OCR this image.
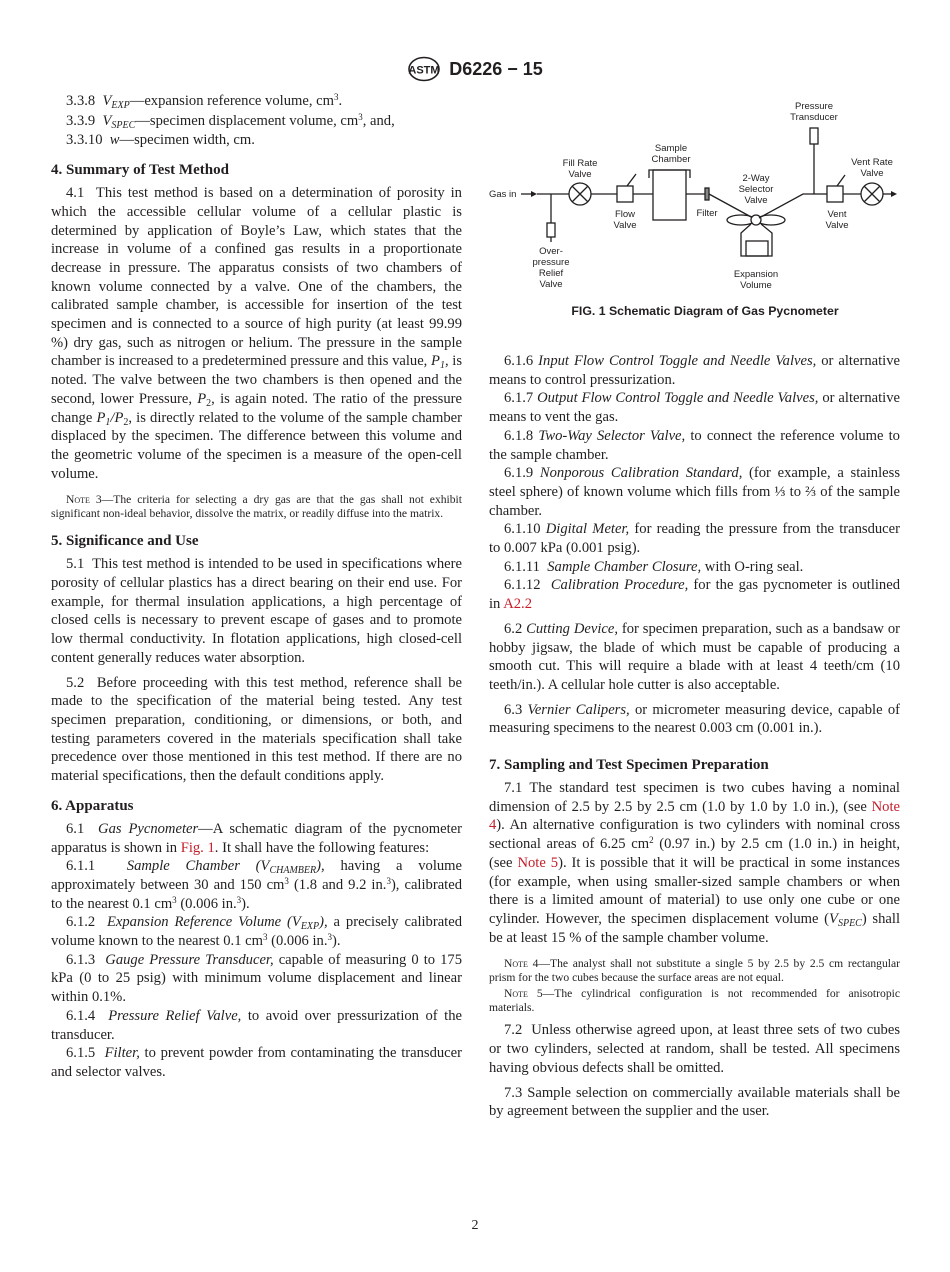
ASTM D6226 − 15

3.3.8 $V_{EXP}—expansion$ reference volume, $cm^3$.

3.3.9 $V_{SPEC}—specimen$ displacement volume, $cm^3$, and,

3.3.10 w—specimen width, cm.

4. Summary of Test Method

4.1 This test method is based on a determination of porosity in which the accessible cellular volume of a cellular plastic is determined by application of Boyle’s Law, which states that the increase in volume of a confined gas results in a proportionate decrease in pressure. The apparatus consists of two chambers of known volume connected by a valve. One of the chambers, the calibrated sample chamber, is accessible for insertion of the test specimen and is connected to a source of high purity (at least 99.99 %) dry gas, such as nitrogen or helium. The pressure in the sample chamber is increased to a predetermined pressure and this value, $P_1$, is noted. The valve between the two chambers is then opened and the second, lower Pressure, $P_2$, is again noted. The ratio of the pressure change $P_1/P_2$, is directly related to the volume of the sample chamber displaced by the specimen. The difference between this volume and the geometric volume of the specimen is a measure of the open-cell volume.

Note 3—The criteria for selecting a dry gas are that the gas shall not exhibit significant non-ideal behavior, dissolve the matrix, or readily diffuse into the matrix.

5. Significance and Use

5.1 This test method is intended to be used in specifications where porosity of cellular plastics has a direct bearing on their end use. For example, for thermal insulation applications, a high percentage of closed cells is necessary to prevent escape of gases and to promote low thermal conductivity. In flotation applications, high closed-cell content generally reduces water absorption.

5.2 Before proceeding with this test method, reference shall be made to the specification of the material being tested. Any test specimen preparation, conditioning, or dimensions, or both, and testing parameters covered in the materials specification shall take precedence over those mentioned in this test method. If there are no material specifications, then the default conditions apply.

6. Apparatus

6.1 Gas Pycnometer—A schematic diagram of the pycnometer apparatus is shown in Fig. 1. It shall have the following features:

6.1.1 Sample Chamber $(V_{CHAMBER})$, having a volume approximately between 30 and 150 $cm^3$ (1.8 and 9.2 in.$^3$), calibrated to the nearest 0.1 $cm^3$ (0.006 in.$^3$).

6.1.2 Expansion Reference Volume $(V_{EXP})$, a precisely calibrated volume known to the nearest 0.1 $cm^3$ (0.006 in.$^3$).

6.1.3 Gauge Pressure Transducer, capable of measuring 0 to 175 kPa (0 to 25 psig) with minimum volume displacement and linear within 0.1%.

6.1.4 Pressure Relief Valve, to avoid over pressurization of the transducer.

6.1.5 Filter, to prevent powder from contaminating the transducer and selector valves.

Gas in
Over-
pressure
Relief
Valve
Fill Rate
Valve
Flow
Valve
Sample
Chamber
Filter
2-Way
Selector
Valve
Expansion
Volume
Pressure
Transducer
Vent
Valve
Vent Rate
Valve
FIG. 1 Schematic Diagram of Gas Pycnometer

6.1.6 Input Flow Control Toggle and Needle Valves, or alternative means to control pressurization.

6.1.7 Output Flow Control Toggle and Needle Valves, or alternative means to vent the gas.

6.1.8 Two-Way Selector Valve, to connect the reference volume to the sample chamber.

6.1.9 Nonporous Calibration Standard, (for example, a stainless steel sphere) of known volume which fills from ⅓ to ⅔ of the sample chamber.

6.1.10 Digital Meter, for reading the pressure from the transducer to 0.007 kPa (0.001 psig).

6.1.11 Sample Chamber Closure, with O-ring seal.

6.1.12 Calibration Procedure, for the gas pycnometer is outlined in A2.2

6.2 Cutting Device, for specimen preparation, such as a bandsaw or hobby jigsaw, the blade of which must be capable of producing a smooth cut. This will require a blade with at least 4 teeth/cm (10 teeth/in.). A cellular hole cutter is also acceptable.

6.3 Vernier Calipers, or micrometer measuring device, capable of measuring specimens to the nearest 0.003 cm (0.001 in.).

7. Sampling and Test Specimen Preparation

7.1 The standard test specimen is two cubes having a nominal dimension of 2.5 by 2.5 by 2.5 cm (1.0 by 1.0 by 1.0 in.), (see Note 4). An alternative configuration is two cylinders with nominal cross sectional areas of 6.25 $cm^2$ (0.97 in.) by 2.5 cm (1.0 in.) in height, (see Note 5). It is possible that it will be practical in some instances (for example, when using smaller-sized sample chambers or when there is a limited amount of material) to use only one cube or one cylinder. However, the specimen displacement volume $(V_{SPEC})$ shall be at least 15 % of the sample chamber volume.

Note 4—The analyst shall not substitute a single 5 by 2.5 by 2.5 cm rectangular prism for the two cubes because the surface areas are not equal.

Note 5—The cylindrical configuration is not recommended for anisotropic materials.

7.2 Unless otherwise agreed upon, at least three sets of two cubes or two cylinders, selected at random, shall be tested. All specimens having obvious defects shall be omitted.

7.3 Sample selection on commercially available materials shall be by agreement between the supplier and the user.

2
